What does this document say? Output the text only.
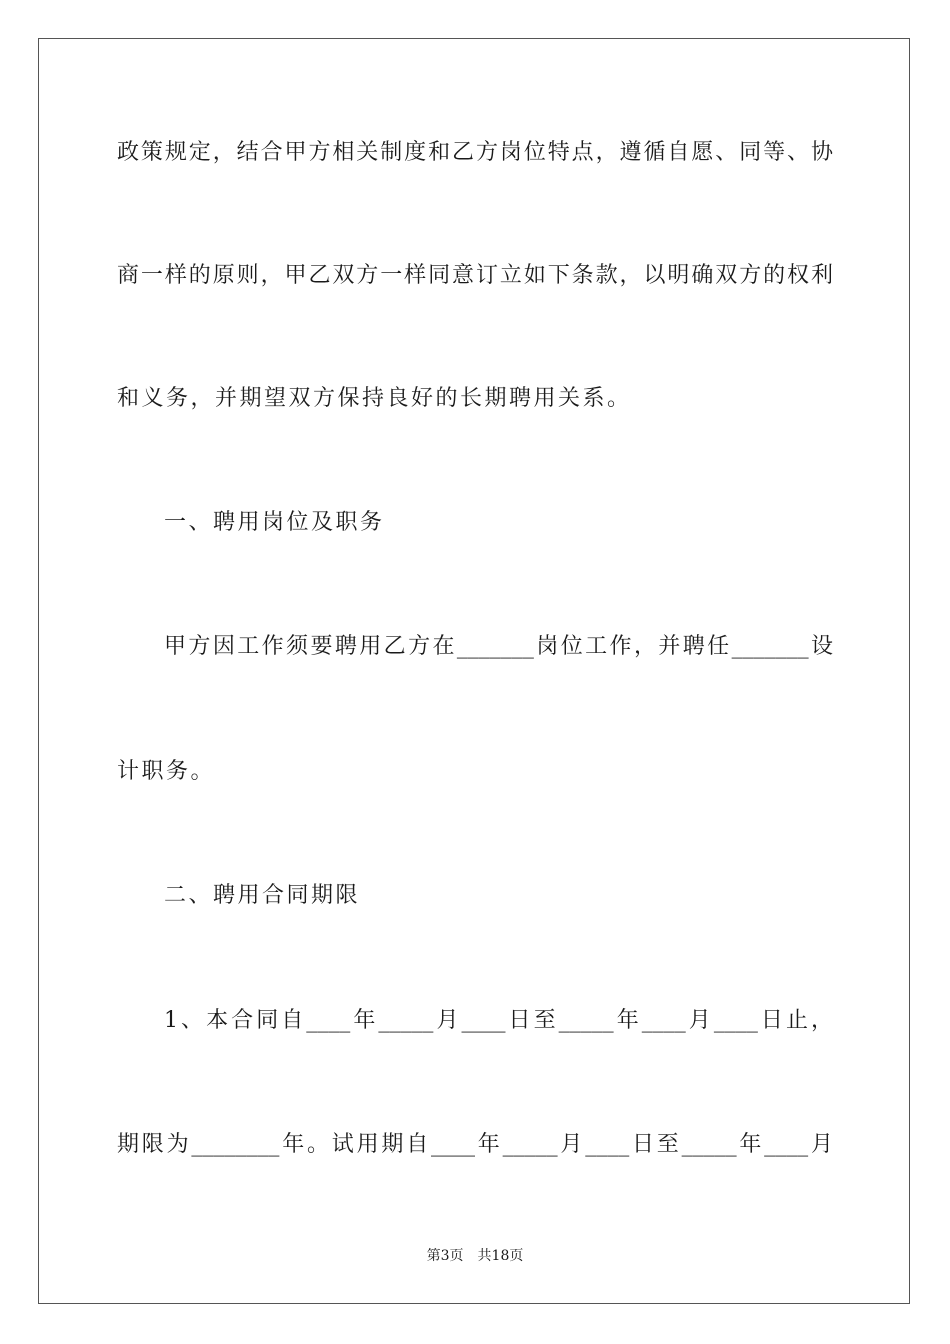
政策规定，结合甲方相关制度和乙方岗位特点，遵循自愿、同等、协
商一样的原则，甲乙双方一样同意订立如下条款，以明确双方的权利
和义务，并期望双方保持良好的长期聘用关系。
一、聘用岗位及职务
甲方因工作须要聘用乙方在_______岗位工作，并聘任_______设
计职务。
二、聘用合同期限
1、本合同自____年_____月____日至_____年____月____日止，
期限为________年。试用期自____年_____月____日至_____年____月
第3页 共18页
